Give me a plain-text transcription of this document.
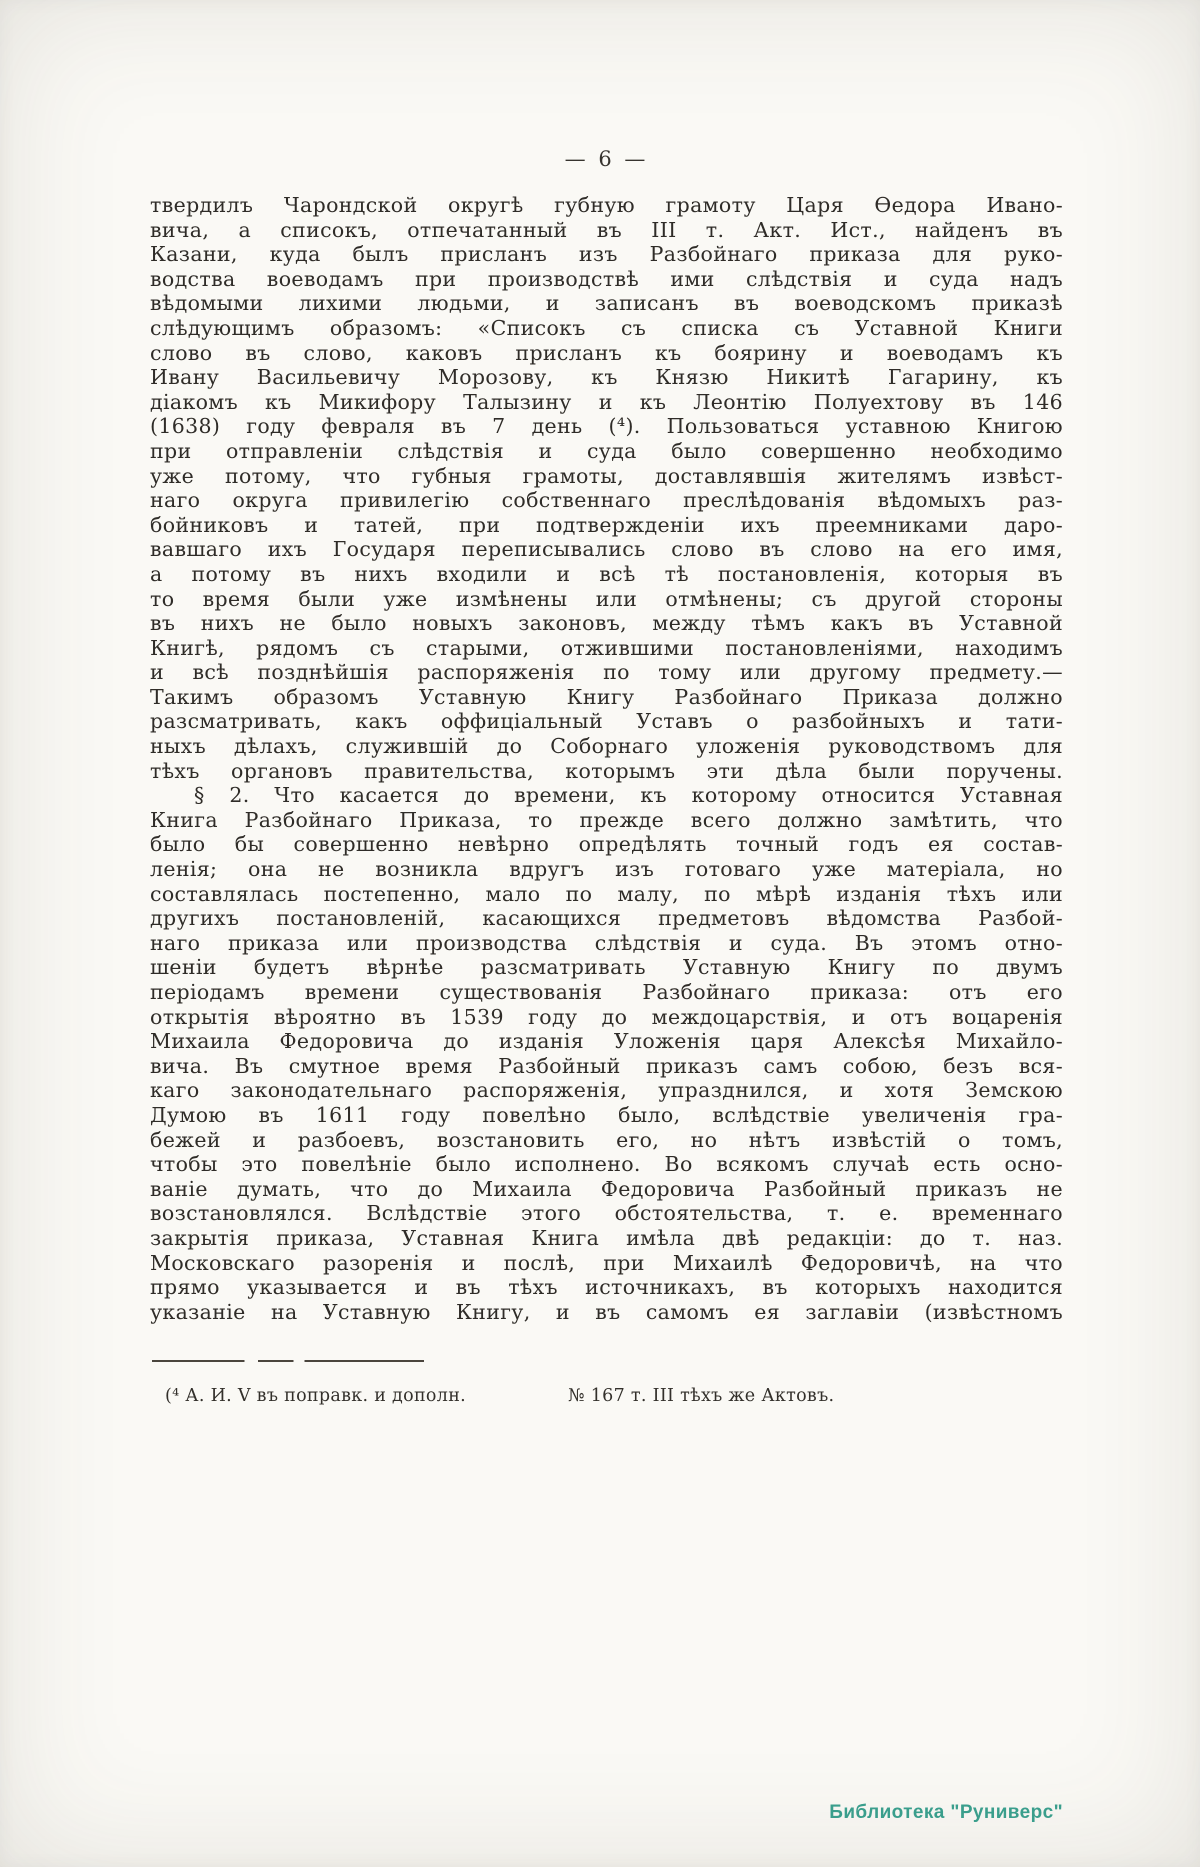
— 6 —
твердилъ Чарондской округѣ губную грамоту Царя Ѳедора Ивано-
вича, а списокъ, отпечатанный въ III т. Акт. Ист., найденъ въ
Казани, куда былъ присланъ изъ Разбойнаго приказа для руко-
водства воеводамъ при производствѣ ими слѣдствія и суда надъ
вѣдомыми лихими людьми, и записанъ въ воеводскомъ приказѣ
слѣдующимъ образомъ: «Списокъ съ списка съ Уставной Книги
слово въ слово, каковъ присланъ къ боярину и воеводамъ къ
Ивану Васильевичу Морозову, къ Князю Никитѣ Гагарину, къ
діакомъ къ Микифору Талызину и къ Леонтію Полуехтову въ 146
(1638) году февраля въ 7 день (⁴). Пользоваться уставною Книгою
при отправленіи слѣдствія и суда было совершенно необходимо
уже потому, что губныя грамоты, доставлявшія жителямъ извѣст-
наго округа привилегію собственнаго преслѣдованія вѣдомыхъ раз-
бойниковъ и татей, при подтвержденіи ихъ преемниками даро-
вавшаго ихъ Государя переписывались слово въ слово на его имя,
а потому въ нихъ входили и всѣ тѣ постановленія, которыя въ
то время были уже измѣнены или отмѣнены; съ другой стороны
въ нихъ не было новыхъ законовъ, между тѣмъ какъ въ Уставной
Книгѣ, рядомъ съ старыми, отжившими постановленіями, находимъ
и всѣ позднѣйшія распоряженія по тому или другому предмету.—
Такимъ образомъ Уставную Книгу Разбойнаго Приказа должно
разсматривать, какъ оффиціальный Уставъ о разбойныхъ и тати-
ныхъ дѣлахъ, служившій до Соборнаго уложенія руководствомъ для
тѣхъ органовъ правительства, которымъ эти дѣла были поручены.
§ 2. Что касается до времени, къ которому относится Уставная
Книга Разбойнаго Приказа, то прежде всего должно замѣтить, что
было бы совершенно невѣрно опредѣлять точный годъ ея состав-
ленія; она не возникла вдругъ изъ готоваго уже матеріала, но
составлялась постепенно, мало по малу, по мѣрѣ изданія тѣхъ или
другихъ постановленій, касающихся предметовъ вѣдомства Разбой-
наго приказа или производства слѣдствія и суда. Въ этомъ отно-
шеніи будетъ вѣрнѣе разсматривать Уставную Книгу по двумъ
періодамъ времени существованія Разбойнаго приказа: отъ его
открытія вѣроятно въ 1539 году до междоцарствія, и отъ воцаренія
Михаила Федоровича до изданія Уложенія царя Алексѣя Михайло-
вича. Въ смутное время Разбойный приказъ самъ собою, безъ вся-
каго законодательнаго распоряженія, упразднился, и хотя Земскою
Думою въ 1611 году повелѣно было, вслѣдствіе увеличенія гра-
бежей и разбоевъ, возстановить его, но нѣтъ извѣстій о томъ,
чтобы это повелѣніе было исполнено. Во всякомъ случаѣ есть осно-
ваніе думать, что до Михаила Федоровича Разбойный приказъ не
возстановлялся. Вслѣдствіе этого обстоятельства, т. е. временнаго
закрытія приказа, Уставная Книга имѣла двѣ редакціи: до т. наз.
Московскаго разоренія и послѣ, при Михаилѣ Федоровичѣ, на что
прямо указывается и въ тѣхъ источникахъ, въ которыхъ находится
указаніе на Уставную Книгу, и въ самомъ ея заглавіи (извѣстномъ
(⁴ А. И. V въ поправк. и дополн.	№ 167 т. III тѣхъ же Актовъ.
Библиотека "Руниверс"
